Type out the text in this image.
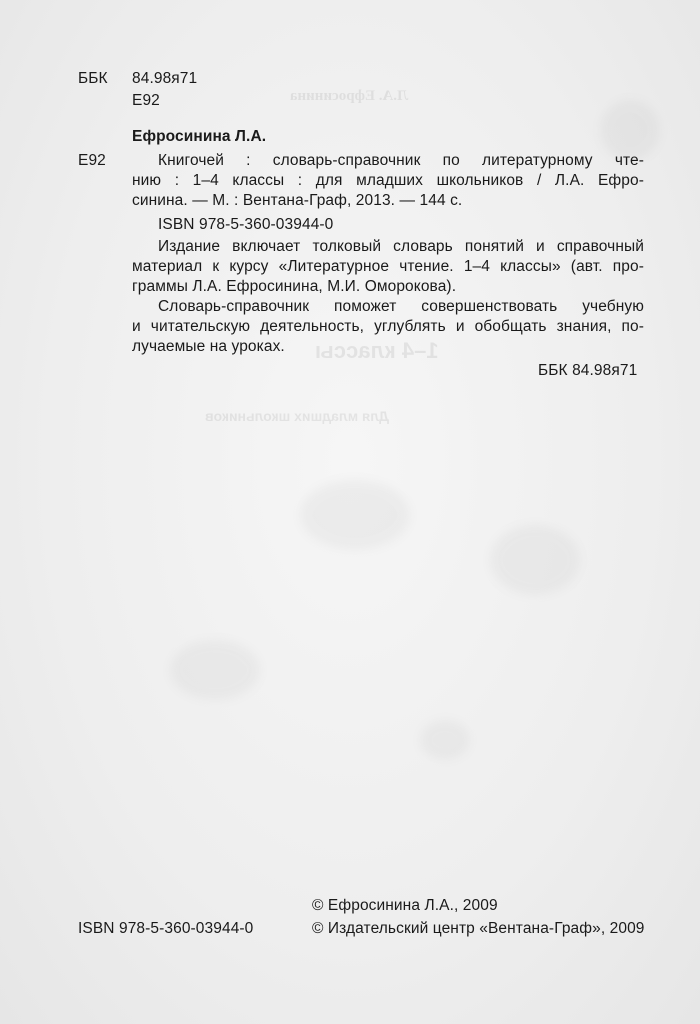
Л.А. Ефросинина
1–4 классы
Для младших школьников
ББК 84.98я71
Е92
Ефросинина Л.А.
Е92	Книгочей : словарь-справочник по литературному чте-
нию : 1–4 классы : для младших школьников / Л.А. Ефро-
синина. — М. : Вентана-Граф, 2013. — 144 с.
ISBN 978-5-360-03944-0
Издание включает толковый словарь понятий и справочный
материал к курсу «Литературное чтение. 1–4 классы» (авт. про-
граммы Л.А. Ефросинина, М.И. Оморокова).
Словарь-справочник поможет совершенствовать учебную
и читательскую деятельность, углублять и обобщать знания, по-
лучаемые на уроках.
ББК 84.98я71
© Ефросинина Л.А., 2009
ISBN 978-5-360-03944-0	© Издательский центр «Вентана-Граф», 2009
